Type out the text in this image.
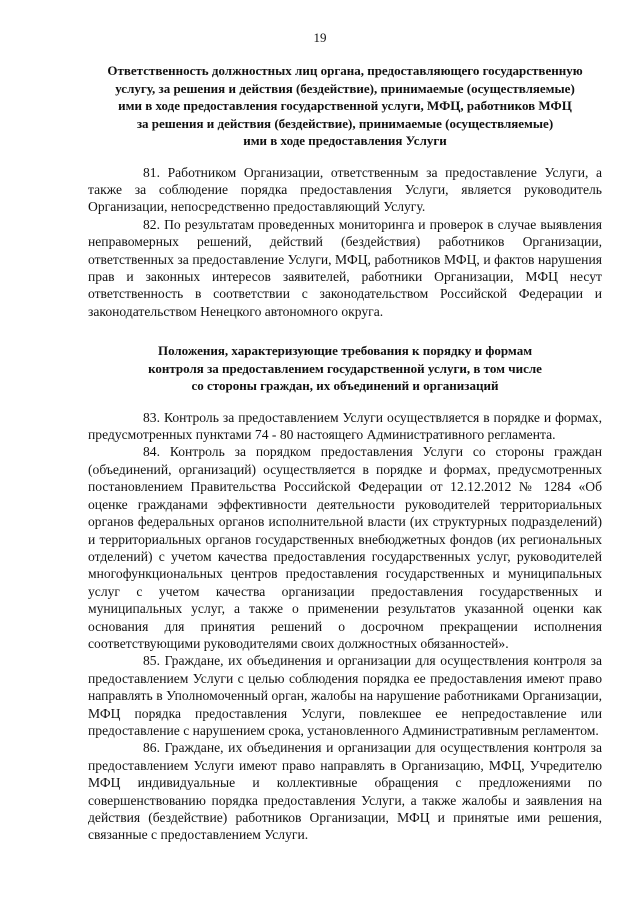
19
Ответственность должностных лиц органа, предоставляющего государственную
услугу, за решения и действия (бездействие), принимаемые (осуществляемые)
ими в ходе предоставления государственной услуги, МФЦ, работников МФЦ
за решения и действия (бездействие), принимаемые (осуществляемые)
ими в ходе предоставления Услуги

81. Работником Организации, ответственным за предоставление Услуги, а также за соблюдение порядка предоставления Услуги, является руководитель Организации, непосредственно предоставляющий Услугу.

82. По результатам проведенных мониторинга и проверок в случае выявления неправомерных решений, действий (бездействия) работников Организации, ответственных за предоставление Услуги, МФЦ, работников МФЦ, и фактов нарушения прав и законных интересов заявителей, работники Организации, МФЦ несут ответственность в соответствии с законодательством Российской Федерации и законодательством Ненецкого автономного округа.

Положения, характеризующие требования к порядку и формам
контроля за предоставлением государственной услуги, в том числе
со стороны граждан, их объединений и организаций

83. Контроль за предоставлением Услуги осуществляется в порядке и формах, предусмотренных пунктами 74 - 80 настоящего Административного регламента.

84. Контроль за порядком предоставления Услуги со стороны граждан (объединений, организаций) осуществляется в порядке и формах, предусмотренных постановлением Правительства Российской Федерации от 12.12.2012 № 1284 «Об оценке гражданами эффективности деятельности руководителей территориальных органов федеральных органов исполнительной власти (их структурных подразделений) и территориальных органов государственных внебюджетных фондов (их региональных отделений) с учетом качества предоставления государственных услуг, руководителей многофункциональных центров предоставления государственных и муниципальных услуг с учетом качества организации предоставления государственных и муниципальных услуг, а также о применении результатов указанной оценки как основания для принятия решений о досрочном прекращении исполнения соответствующими руководителями своих должностных обязанностей».

85. Граждане, их объединения и организации для осуществления контроля за предоставлением Услуги с целью соблюдения порядка ее предоставления имеют право направлять в Уполномоченный орган, жалобы на нарушение работниками Организации, МФЦ порядка предоставления Услуги, повлекшее ее непредоставление или предоставление с нарушением срока, установленного Административным регламентом.

86. Граждане, их объединения и организации для осуществления контроля за предоставлением Услуги имеют право направлять в Организацию, МФЦ, Учредителю МФЦ индивидуальные и коллективные обращения с предложениями по совершенствованию порядка предоставления Услуги, а также жалобы и заявления на действия (бездействие) работников Организации, МФЦ и принятые ими решения, связанные с предоставлением Услуги.
